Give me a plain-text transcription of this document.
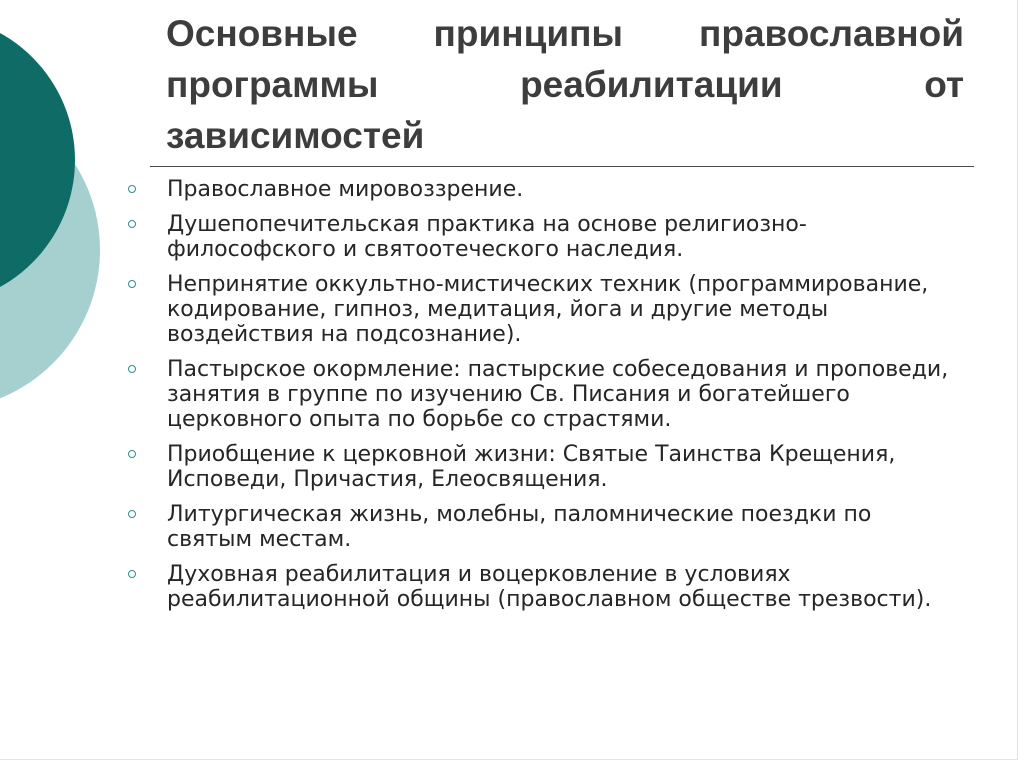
Основные принципы православной программы реабилитации от зависимостей
Православное мировоззрение.
Душепопечительская практика на основе религиозно-философского и святоотеческого наследия.
Непринятие оккультно-мистических техник (программирование, кодирование, гипноз, медитация, йога и другие методы воздействия на подсознание).
Пастырское окормление: пастырские собеседования и проповеди, занятия в группе по изучению Св. Писания и богатейшего церковного опыта по борьбе со страстями.
Приобщение к церковной жизни: Святые Таинства Крещения, Исповеди, Причастия, Елеосвящения.
Литургическая жизнь, молебны, паломнические поездки по святым местам.
Духовная реабилитация и воцерковление в условиях реабилитационной общины (православном обществе трезвости).
